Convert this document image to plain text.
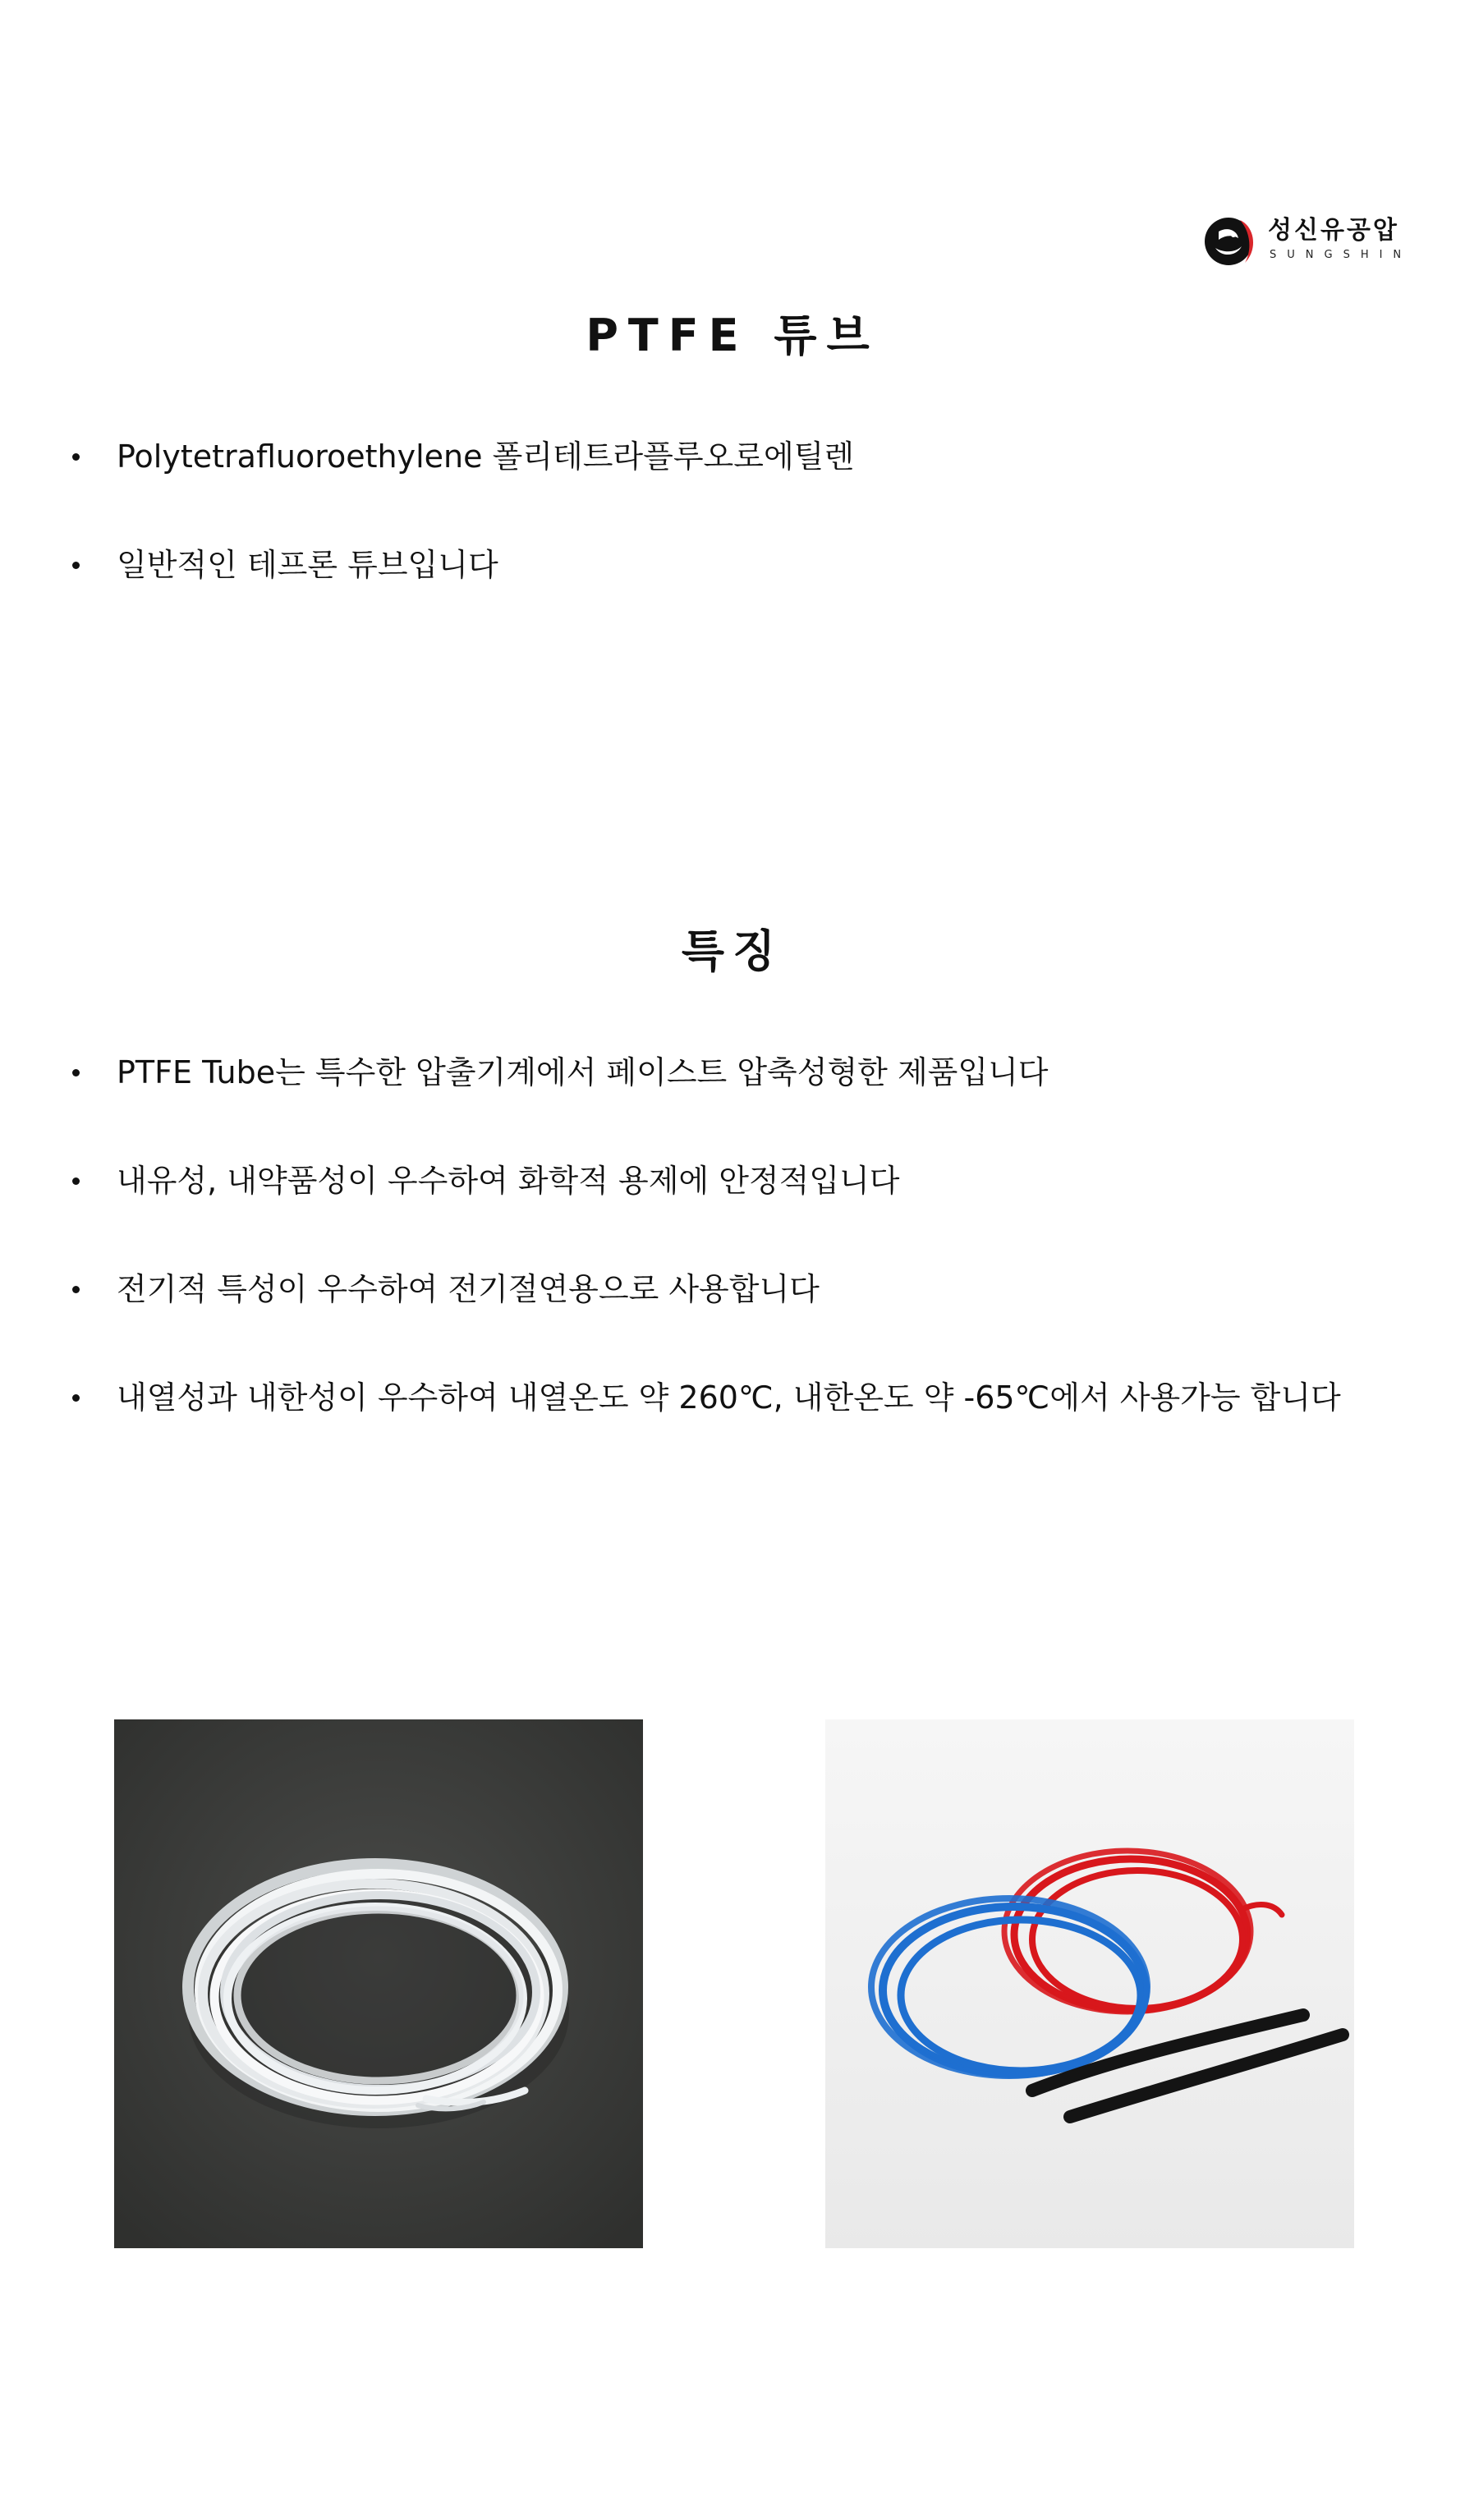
성신유공압
SUNGSHIN
PTFE 튜브
Polytetrafluoroethylene 폴리테트라플루오로에틸렌
일반적인 테프론 튜브입니다
특징
PTFE Tube는 특수한 압출기계에서 페이스트 압축성형한 제품입니다
내유성, 내약품성이 우수하여 화학적 용제에 안정적입니다
전기적 특성이 우수하여 전기절연용으로 사용합니다
내열성과 내한성이 우수하여 내열온도 약 260℃, 내한온도 약 -65℃에서 사용가능 합니다
